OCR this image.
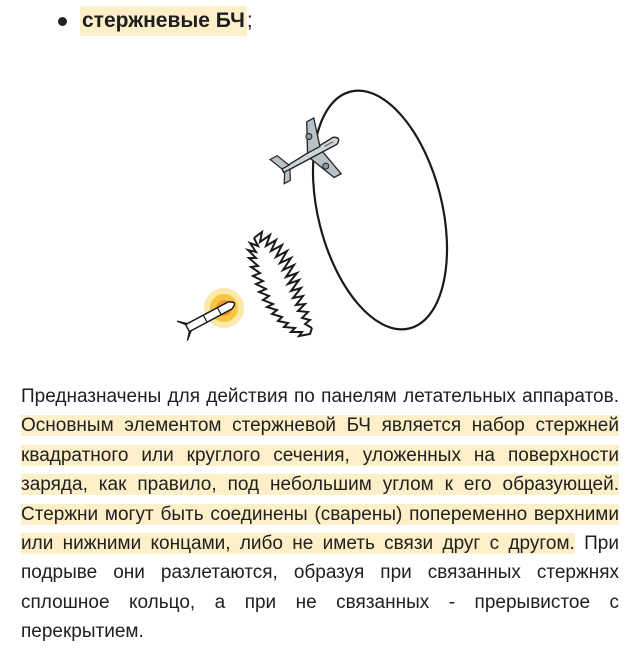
стержневые БЧ ;

Предназначены для действия по панелям летательных аппаратов. Основным элементом стержневой БЧ является набор стержней квадратного или круглого сечения, уложенных на поверхности заряда, как правило, под небольшим углом к его образующей. Стержни могут быть соединены (сварены) попеременно верхними или нижними концами, либо не иметь связи друг с другом. При подрыве они разлетаются, образуя при связанных стержнях сплошное кольцо, а при не связанных - прерывистое с перекрытием.
